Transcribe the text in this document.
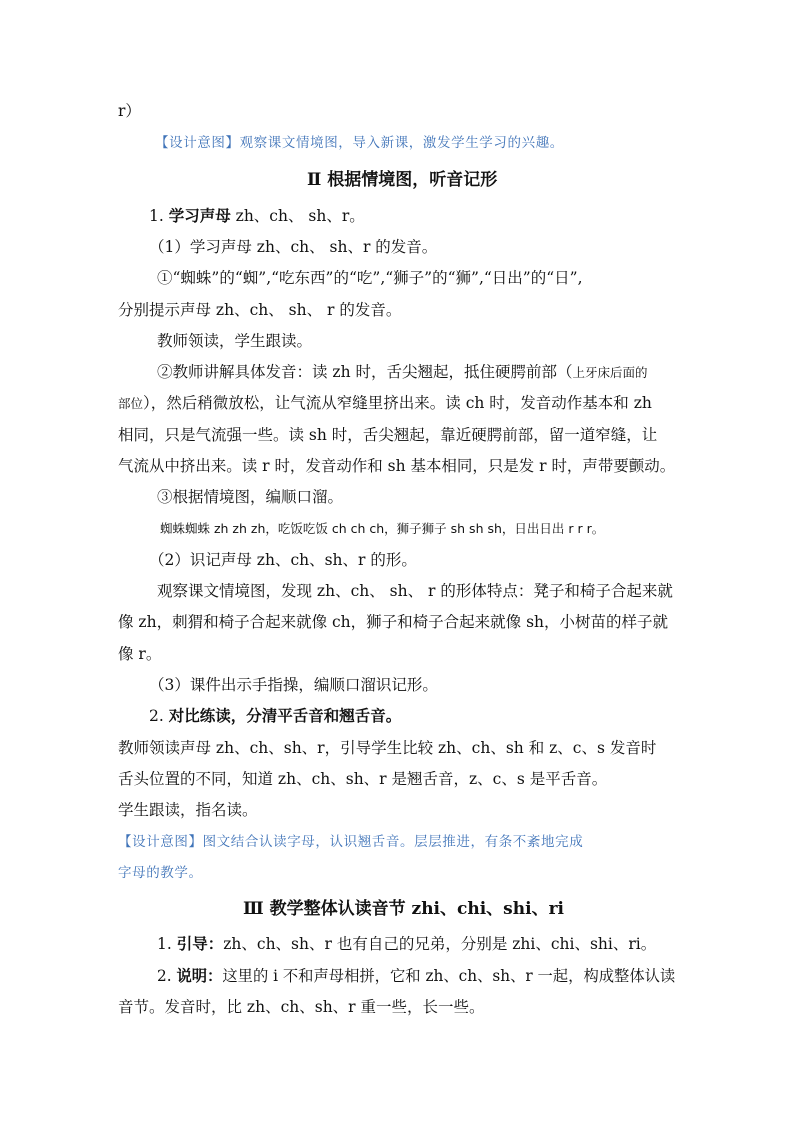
r）
【设计意图】观察课文情境图，导入新课，激发学生学习的兴趣。
Ⅱ 根据情境图，听音记形
1. 学习声母 zh、ch、 sh、r。
（1）学习声母 zh、ch、 sh、r 的发音。
①“蜘蛛”的“蜘”,“吃东西”的“吃”,“狮子”的“狮”,“日出”的“日”,
分别提示声母 zh、ch、 sh、 r 的发音。
教师领读，学生跟读。
②教师讲解具体发音：读 zh 时，舌尖翘起，抵住硬腭前部（上牙床后面的
部位），然后稍微放松，让气流从窄缝里挤出来。读 ch 时，发音动作基本和 zh
相同，只是气流强一些。读 sh 时，舌尖翘起，靠近硬腭前部，留一道窄缝，让
气流从中挤出来。读 r 时，发音动作和 sh 基本相同，只是发 r 时，声带要颤动。
③根据情境图，编顺口溜。
蜘蛛蜘蛛 zh zh zh，吃饭吃饭 ch ch ch，狮子狮子 sh sh sh，日出日出 r r r。
（2）识记声母 zh、ch、sh、r 的形。
观察课文情境图，发现 zh、ch、 sh、 r 的形体特点：凳子和椅子合起来就
像 zh，刺猬和椅子合起来就像 ch，狮子和椅子合起来就像 sh，小树苗的样子就
像 r。
（3）课件出示手指操，编顺口溜识记形。
2. 对比练读，分清平舌音和翘舌音。
教师领读声母 zh、ch、sh、r，引导学生比较 zh、ch、sh 和 z、c、s 发音时
舌头位置的不同，知道 zh、ch、sh、r 是翘舌音，z、c、s 是平舌音。
学生跟读，指名读。
【设计意图】图文结合认读字母，认识翘舌音。层层推进，有条不紊地完成
字母的教学。
Ⅲ 教学整体认读音节 zhi、chi、shi、ri
1. 引导：zh、ch、sh、r 也有自己的兄弟，分别是 zhi、chi、shi、ri。
2. 说明：这里的 i 不和声母相拼，它和 zh、ch、sh、r 一起，构成整体认读
音节。发音时，比 zh、ch、sh、r 重一些，长一些。
